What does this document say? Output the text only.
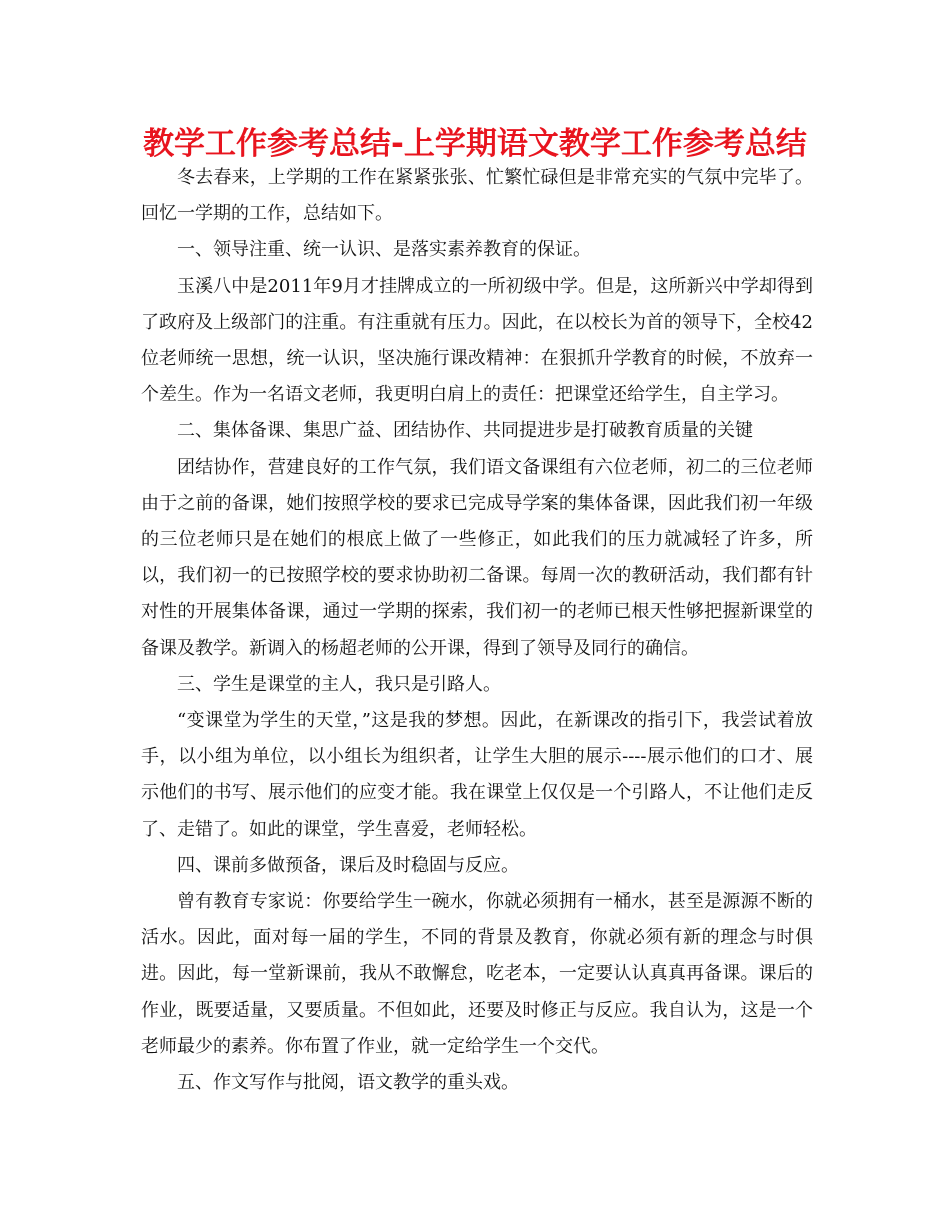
教学工作参考总结-上学期语文教学工作参考总结

冬去春来，上学期的工作在紧紧张张、忙繁忙碌但是非常充实的气氛中完毕了。回忆一学期的工作，总结如下。

一、领导注重、统一认识、是落实素养教育的保证。

玉溪八中是2011年9月才挂牌成立的一所初级中学。但是，这所新兴中学却得到了政府及上级部门的注重。有注重就有压力。因此，在以校长为首的领导下，全校42位老师统一思想，统一认识，坚决施行课改精神：在狠抓升学教育的时候，不放弃一个差生。作为一名语文老师，我更明白肩上的责任：把课堂还给学生，自主学习。

二、集体备课、集思广益、团结协作、共同提进步是打破教育质量的关键

团结协作，营建良好的工作气氛，我们语文备课组有六位老师，初二的三位老师由于之前的备课，她们按照学校的要求已完成导学案的集体备课，因此我们初一年级的三位老师只是在她们的根底上做了一些修正，如此我们的压力就减轻了许多，所以，我们初一的已按照学校的要求协助初二备课。每周一次的教研活动，我们都有针对性的开展集体备课，通过一学期的探索，我们初一的老师已根天性够把握新课堂的备课及教学。新调入的杨超老师的公开课，得到了领导及同行的确信。

三、学生是课堂的主人，我只是引路人。

“变课堂为学生的天堂，”这是我的梦想。因此，在新课改的指引下，我尝试着放手，以小组为单位，以小组长为组织者，让学生大胆的展示----展示他们的口才、展示他们的书写、展示他们的应变才能。我在课堂上仅仅是一个引路人，不让他们走反了、走错了。如此的课堂，学生喜爱，老师轻松。

四、课前多做预备，课后及时稳固与反应。

曾有教育专家说：你要给学生一碗水，你就必须拥有一桶水，甚至是源源不断的活水。因此，面对每一届的学生，不同的背景及教育，你就必须有新的理念与时俱进。因此，每一堂新课前，我从不敢懈怠，吃老本，一定要认认真真再备课。课后的作业，既要适量，又要质量。不但如此，还要及时修正与反应。我自认为，这是一个老师最少的素养。你布置了作业，就一定给学生一个交代。

五、作文写作与批阅，语文教学的重头戏。
